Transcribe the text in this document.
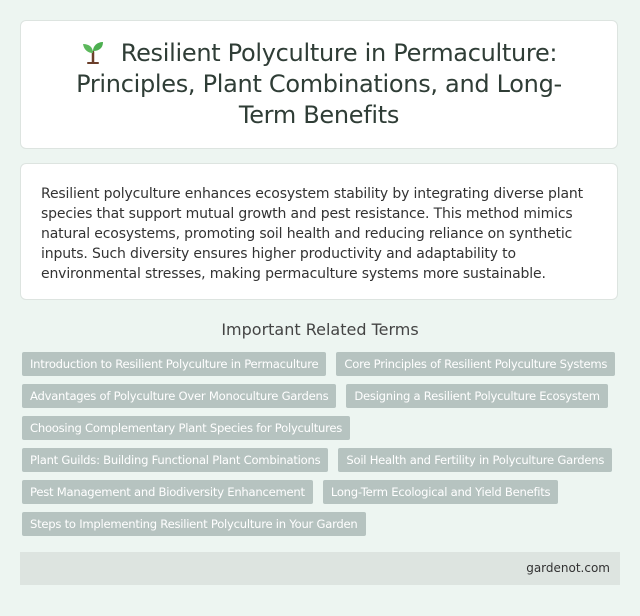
Resilient Polyculture in Permaculture: Principles, Plant Combinations, and Long-Term Benefits

Resilient polyculture enhances ecosystem stability by integrating diverse plant species that support mutual growth and pest resistance. This method mimics natural ecosystems, promoting soil health and reducing reliance on synthetic inputs. Such diversity ensures higher productivity and adaptability to environmental stresses, making permaculture systems more sustainable.

Important Related Terms
Introduction to Resilient Polyculture in Permaculture	Core Principles of Resilient Polyculture Systems
Advantages of Polyculture Over Monoculture Gardens	Designing a Resilient Polyculture Ecosystem
Choosing Complementary Plant Species for Polycultures
Plant Guilds: Building Functional Plant Combinations	Soil Health and Fertility in Polyculture Gardens
Pest Management and Biodiversity Enhancement	Long-Term Ecological and Yield Benefits
Steps to Implementing Resilient Polyculture in Your Garden
gardenot.com
